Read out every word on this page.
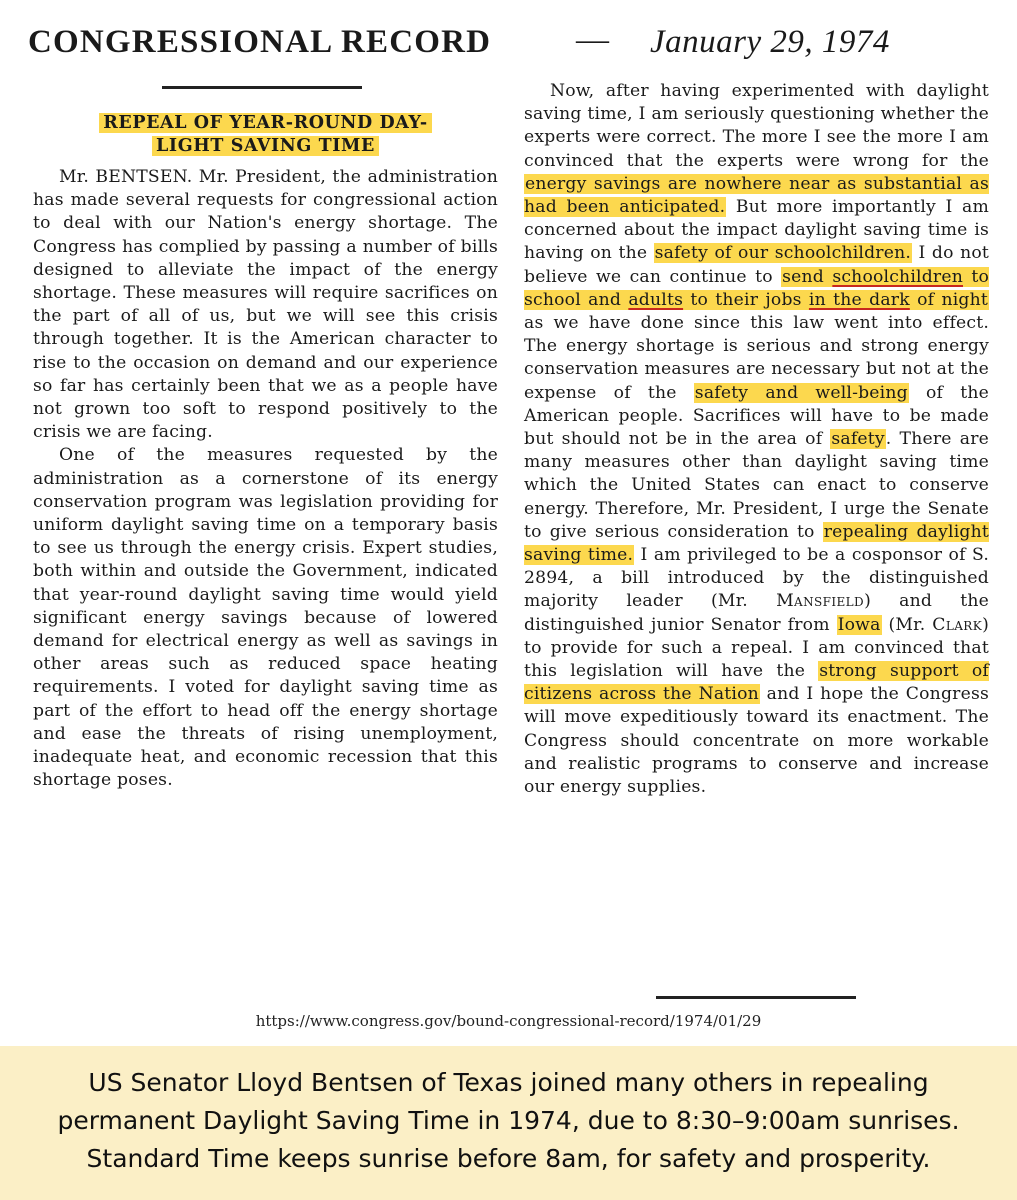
CONGRESSIONAL RECORD	— January 29, 1974
REPEAL OF YEAR-ROUND DAY-
LIGHT SAVING TIME

Mr. BENTSEN. Mr. President, the administration has made several requests for congressional action to deal with our Nation's energy shortage. The Congress has complied by passing a number of bills designed to alleviate the impact of the energy shortage. These measures will require sacrifices on the part of all of us, but we will see this crisis through together. It is the American character to rise to the occasion on demand and our experience so far has certainly been that we as a people have not grown too soft to respond positively to the crisis we are facing.

One of the measures requested by the administration as a cornerstone of its energy conservation program was legislation providing for uniform daylight saving time on a temporary basis to see us through the energy crisis. Expert studies, both within and outside the Government, indicated that year-round daylight saving time would yield significant energy savings because of lowered demand for electrical energy as well as savings in other areas such as reduced space heating requirements. I voted for daylight saving time as part of the effort to head off the energy shortage and ease the threats of rising unemployment, inadequate heat, and economic recession that this shortage poses.

Now, after having experimented with daylight saving time, I am seriously questioning whether the experts were correct. The more I see the more I am convinced that the experts were wrong for the energy savings are nowhere near as substantial as had been anticipated. But more importantly I am concerned about the impact daylight saving time is having on the safety of our schoolchildren. I do not believe we can continue to send schoolchildren to school and adults to their jobs in the dark of night as we have done since this law went into effect. The energy shortage is serious and strong energy conservation measures are necessary but not at the expense of the safety and well-being of the American people. Sacrifices will have to be made but should not be in the area of safety. There are many measures other than daylight saving time which the United States can enact to conserve energy. Therefore, Mr. President, I urge the Senate to give serious consideration to repealing daylight saving time. I am privileged to be a cosponsor of S. 2894, a bill introduced by the distinguished majority leader (Mr. Mansfield) and the distinguished junior Senator from Iowa (Mr. Clark) to provide for such a repeal. I am convinced that this legislation will have the strong support of citizens across the Nation and I hope the Congress will move expeditiously toward its enactment. The Congress should concentrate on more workable and realistic programs to conserve and increase our energy supplies.

https://www.congress.gov/bound-congressional-record/1974/01/29
US Senator Lloyd Bentsen of Texas joined many others in repealing
permanent Daylight Saving Time in 1974, due to 8:30–9:00am sunrises.
Standard Time keeps sunrise before 8am, for safety and prosperity.
